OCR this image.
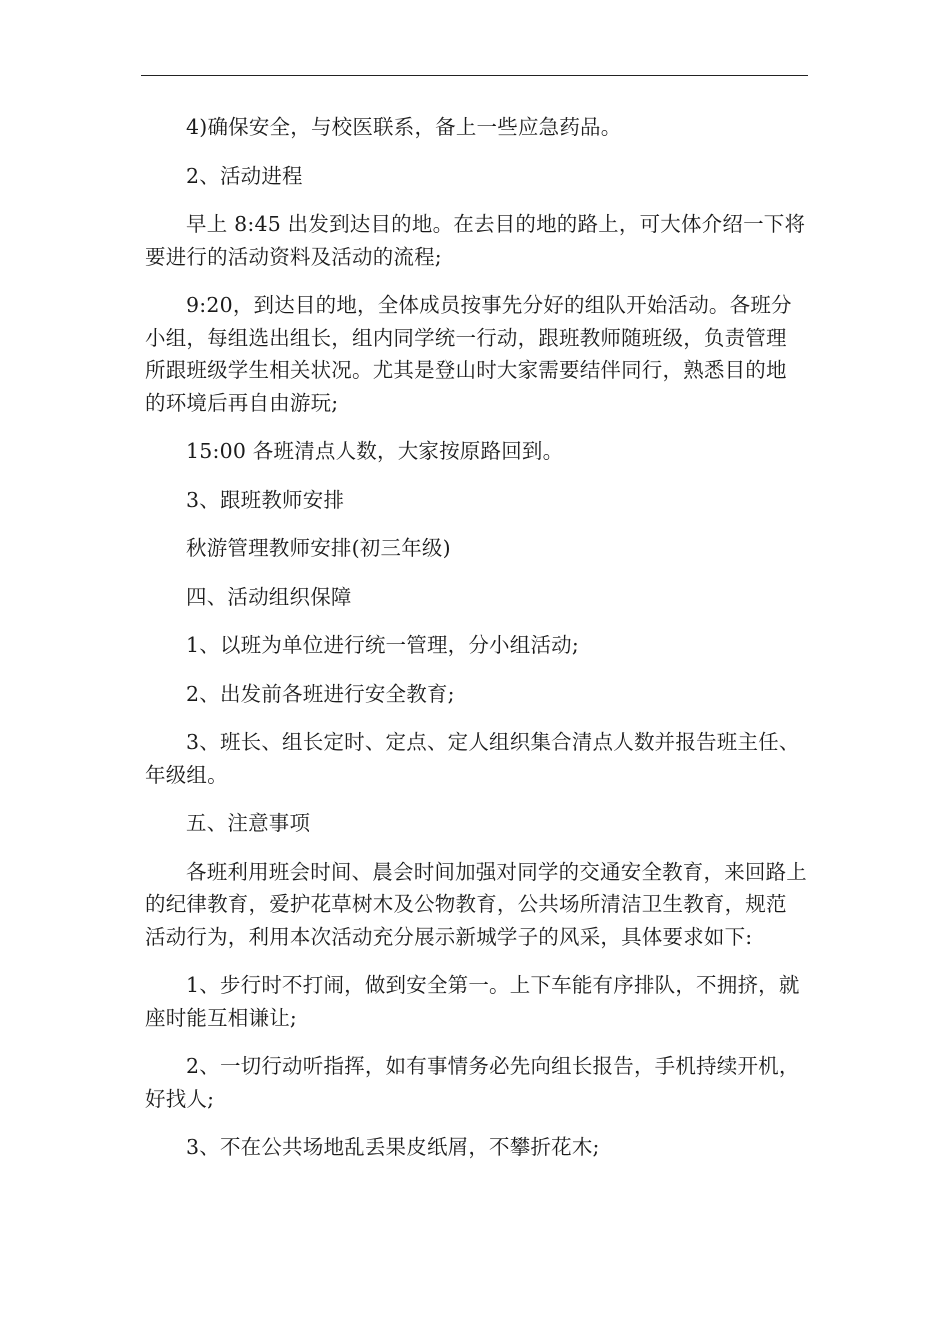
4)确保安全，与校医联系，备上一些应急药品。

2、活动进程

早上 8:45 出发到达目的地。在去目的地的路上，可大体介绍一下将要进行的活动资料及活动的流程;

9:20，到达目的地，全体成员按事先分好的组队开始活动。各班分小组，每组选出组长，组内同学统一行动，跟班教师随班级，负责管理所跟班级学生相关状况。尤其是登山时大家需要结伴同行，熟悉目的地的环境后再自由游玩;

15:00 各班清点人数，大家按原路回到。

3、跟班教师安排

秋游管理教师安排(初三年级)

四、活动组织保障

1、以班为单位进行统一管理，分小组活动;

2、出发前各班进行安全教育;

3、班长、组长定时、定点、定人组织集合清点人数并报告班主任、年级组。

五、注意事项

各班利用班会时间、晨会时间加强对同学的交通安全教育，来回路上的纪律教育，爱护花草树木及公物教育，公共场所清洁卫生教育，规范活动行为，利用本次活动充分展示新城学子的风采，具体要求如下:

1、步行时不打闹，做到安全第一。上下车能有序排队，不拥挤，就座时能互相谦让;

2、一切行动听指挥，如有事情务必先向组长报告，手机持续开机，好找人;

3、不在公共场地乱丢果皮纸屑，不攀折花木;
